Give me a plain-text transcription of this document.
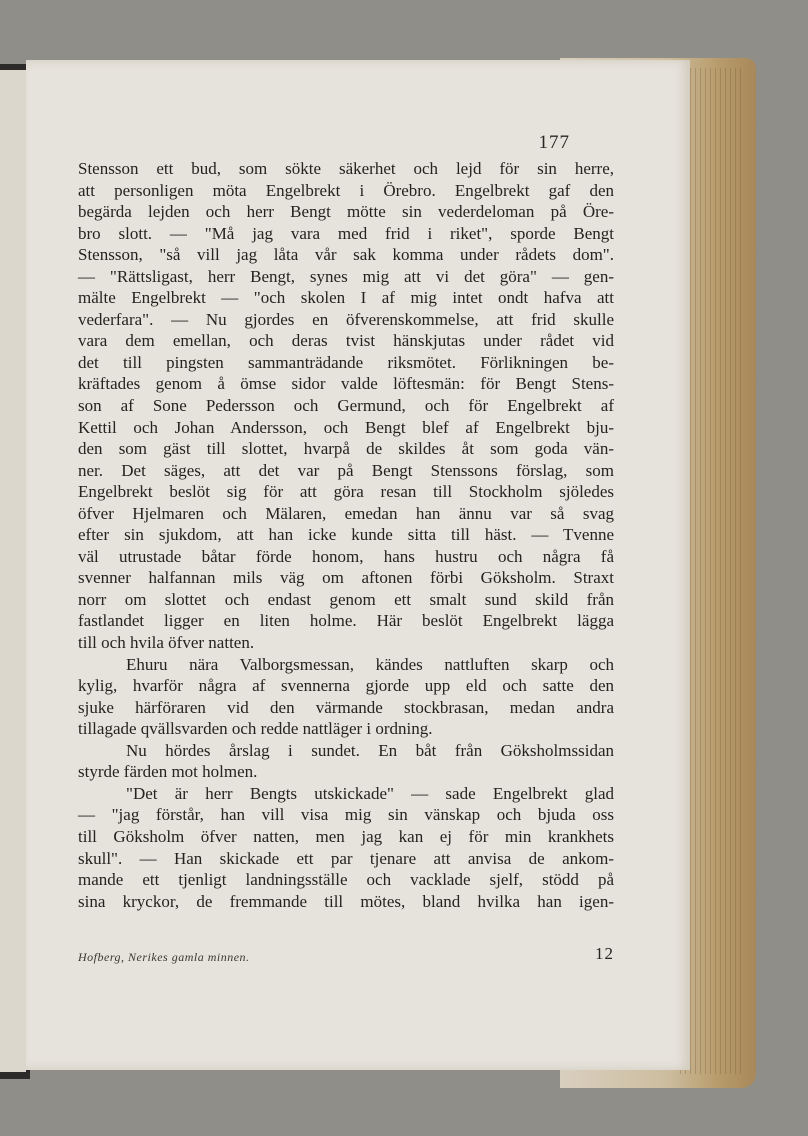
177
Stensson ett bud, som sökte säkerhet och lejd för sin herre,
att personligen möta Engelbrekt i Örebro. Engelbrekt gaf den
begärda lejden och herr Bengt mötte sin vederdeloman på Öre-
bro slott. — "Må jag vara med frid i riket", sporde Bengt
Stensson, "så vill jag låta vår sak komma under rådets dom".
— "Rättsligast, herr Bengt, synes mig att vi det göra" — gen-
mälte Engelbrekt — "och skolen I af mig intet ondt hafva att
vederfara". — Nu gjordes en öfverenskommelse, att frid skulle
vara dem emellan, och deras tvist hänskjutas under rådet vid
det till pingsten sammanträdande riksmötet. Förlikningen be-
kräftades genom å ömse sidor valde löftesmän: för Bengt Stens-
son af Sone Pedersson och Germund, och för Engelbrekt af
Kettil och Johan Andersson, och Bengt blef af Engelbrekt bju-
den som gäst till slottet, hvarpå de skildes åt som goda vän-
ner. Det säges, att det var på Bengt Stenssons förslag, som
Engelbrekt beslöt sig för att göra resan till Stockholm sjöledes
öfver Hjelmaren och Mälaren, emedan han ännu var så svag
efter sin sjukdom, att han icke kunde sitta till häst. — Tvenne
väl utrustade båtar förde honom, hans hustru och några få
svenner halfannan mils väg om aftonen förbi Göksholm. Straxt
norr om slottet och endast genom ett smalt sund skild från
fastlandet ligger en liten holme. Här beslöt Engelbrekt lägga
till och hvila öfver natten.
Ehuru nära Valborgsmessan, kändes nattluften skarp och
kylig, hvarför några af svennerna gjorde upp eld och satte den
sjuke härföraren vid den värmande stockbrasan, medan andra
tillagade qvällsvarden och redde nattläger i ordning.
Nu hördes årslag i sundet. En båt från Göksholmssidan
styrde färden mot holmen.
"Det är herr Bengts utskickade" — sade Engelbrekt glad
— "jag förstår, han vill visa mig sin vänskap och bjuda oss
till Göksholm öfver natten, men jag kan ej för min krankhets
skull". — Han skickade ett par tjenare att anvisa de ankom-
mande ett tjenligt landningsställe och vacklade sjelf, stödd på
sina kryckor, de fremmande till mötes, bland hvilka han igen-
Hofberg, Nerikes gamla minnen.	12
